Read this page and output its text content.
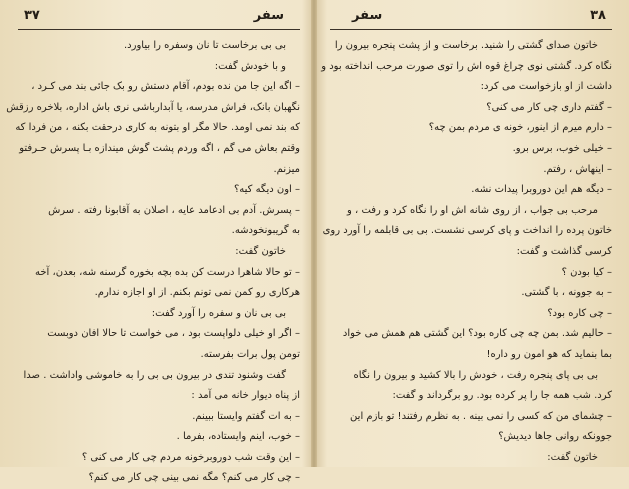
سفر
۳۷
بی بی برخاست تا نان وسفره را بیاورد.
و با خودش گفت:
– اگه این جا من نده بودم، آقام دستش رو بک جائی بند می کـرد ،
نگهبان بانک، فراش مدرسه، یا آبدارباشی نری باش اداره، بلاخره رزقش
که بند نمی اومد. حالا مگر او بتونه به کاری درحقت بکنه ، من فردا که
وقتم بعاش می گم ، اگه وردم پشت گوش میندازه بـا پسرش حـرفتو
میزنم.
– اون دیگه کیه؟
– پسرش. آدم بی ادعامد عایه ، اصلان به آقابونا رفته . سرش
به گریبونخودشه.
خاتون گفت:
– تو حالا شاهرا درست کن بده بچه بخوره گرسنه شه، بعدن، آخه
هرکاری رو کمن نمی تونم بکنم. از او اجازه ندارم.
بی بی نان و سفره را آورد گفت:
– اگر او خیلی دلواپست بود ، می خواست تا حالا افان دوبست
تومن پول برات بفرسته.
گفت وشنود تندی در بیرون بی بی را به خاموشی واداشت . صدا
از پناه دیوار خانه می آمد :
– به ات گفتم وایستا ببینم.
– خوب، اینم وایستاده، بفرما .
– این وقت شب دوروبرخونه مردم چی کار می کنی ؟
– چی کار می کنم؟ مگه نمی بینی چی کار می کنم؟
۳۸
سفر
خاتون صدای گشتی را شنید. برخاست و از پشت پنجره بیرون را
نگاه کرد. گشتی نوی چراغ قوه اش را توی صورت مرحب انداخته بود و
داشت از او بازخواست می کرد:
– گفتم داری چی کار می کنی؟
– دارم میرم از اینور، خونه ی مردم بمن چه؟
– خیلی خوب، برس برو.
– اینهاش ، رفتم.
– دیگه هم این دوروبرا پیدات نشه.
مرحب بی جواب ، از روی شانه اش او را نگاه کرد و رفت ، و
خاتون پرده را انداخت و پای کرسی نشست. بی بی قابلمه را آورد روی
کرسی گذاشت و گفت:
– کیا بودن ؟
– به جوونه ، با گشتی.
– چی کاره بود؟
– حالیم شد. بمن چه چی کاره بود؟ این گشتی هم همش می خواد
بما بنماید که هو امون رو داره!
بی بی پای پنجره رفت ، خودش را بالا کشید و بیرون را نگاه
کرد. شب همه جا را پر کرده بود. رو برگرداند و گفت:
– چشمای من که کسی را نمی بینه . به نظرم رفتند! تو بازم این
جوونکه روانی جاها دیدیش؟
خاتون گفت:
